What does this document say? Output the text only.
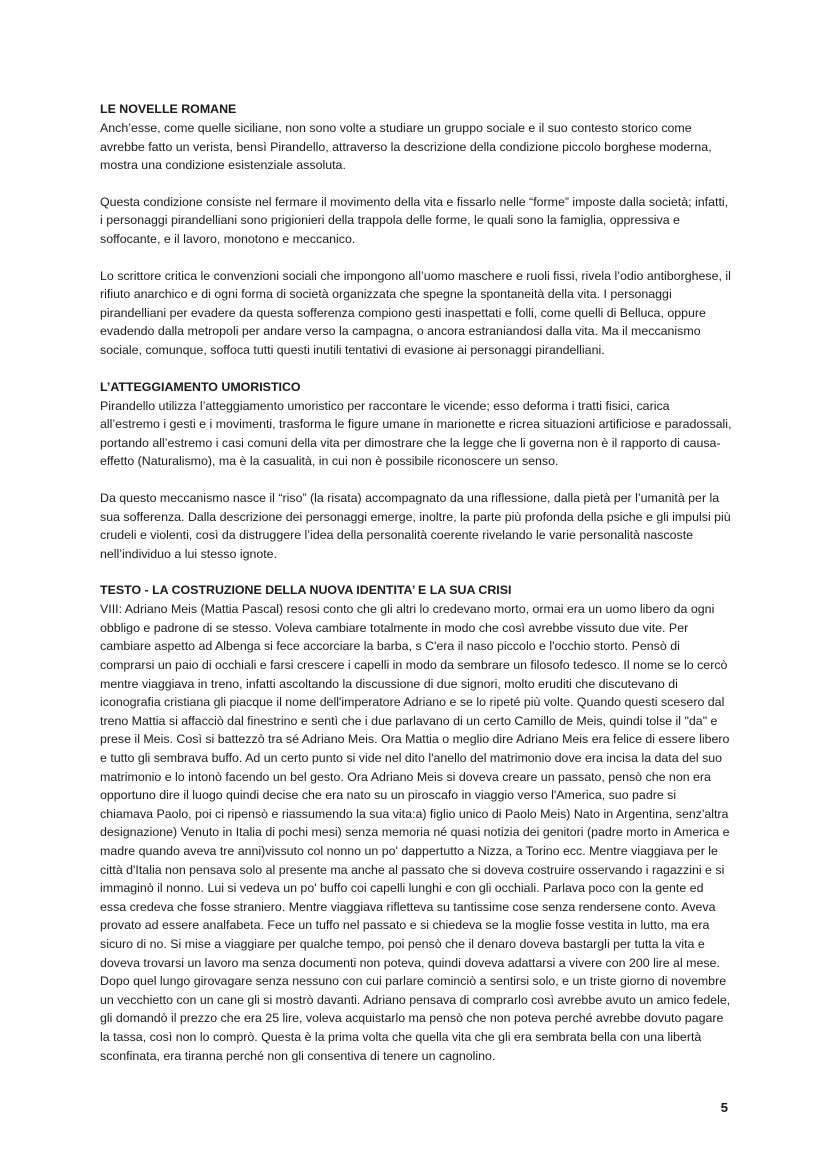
LE NOVELLE ROMANE

Anch’esse, come quelle siciliane, non sono volte a studiare un gruppo sociale e il suo contesto storico come avrebbe fatto un verista, bensì Pirandello, attraverso la descrizione della condizione piccolo borghese moderna, mostra una condizione esistenziale assoluta.

Questa condizione consiste nel fermare il movimento della vita e fissarlo nelle “forme” imposte dalla società; infatti, i personaggi pirandelliani sono prigionieri della trappola delle forme, le quali sono la famiglia, oppressiva e soffocante, e il lavoro, monotono e meccanico.

Lo scrittore critica le convenzioni sociali che impongono all’uomo maschere e ruoli fissi, rivela l’odio antiborghese, il rifiuto anarchico e di ogni forma di società organizzata che spegne la spontaneità della vita. I personaggi pirandelliani per evadere da questa sofferenza compiono gesti inaspettati e folli, come quelli di Belluca, oppure evadendo dalla metropoli per andare verso la campagna, o ancora estraniandosi dalla vita. Ma il meccanismo sociale, comunque, soffoca tutti questi inutili tentativi di evasione ai personaggi pirandelliani.

L’ATTEGGIAMENTO UMORISTICO

Pirandello utilizza l’atteggiamento umoristico per raccontare le vicende; esso deforma i tratti fisici, carica all’estremo i gesti e i movimenti, trasforma le figure umane in marionette e ricrea situazioni artificiose e paradossali, portando all’estremo i casi comuni della vita per dimostrare che la legge che li governa non è il rapporto di causa-effetto (Naturalismo), ma è la casualità, in cui non è possibile riconoscere un senso.

Da questo meccanismo nasce il “riso” (la risata) accompagnato da una riflessione, dalla pietà per l’umanità per la sua sofferenza. Dalla descrizione dei personaggi emerge, inoltre, la parte più profonda della psiche e gli impulsi più crudeli e violenti, così da distruggere l’idea della personalità coerente rivelando le varie personalità nascoste nell’individuo a lui stesso ignote.

TESTO - LA COSTRUZIONE DELLA NUOVA IDENTITA’ E LA SUA CRISI

VIII: Adriano Meis (Mattia Pascal) resosi conto che gli altri lo credevano morto, ormai era un uomo libero da ogni obbligo e padrone di se stesso. Voleva cambiare totalmente in modo che così avrebbe vissuto due vite. Per cambiare aspetto ad Albenga si fece accorciare la barba, s C'era il naso piccolo e l'occhio storto. Pensò di comprarsi un paio di occhiali e farsi crescere i capelli in modo da sembrare un filosofo tedesco. Il nome se lo cercò mentre viaggiava in treno, infatti ascoltando la discussione di due signori, molto eruditi che discutevano di iconografia cristiana gli piacque il nome dell'imperatore Adriano e se lo ripeté più volte. Quando questi scesero dal treno Mattia si affacciò dal finestrino e sentì che i due parlavano di un certo Camillo de Meis, quindi tolse il "da" e prese il Meis. Così si battezzò tra sé Adriano Meis. Ora Mattia o meglio dire Adriano Meis era felice di essere libero e tutto gli sembrava buffo. Ad un certo punto si vide nel dito l'anello del matrimonio dove era incisa la data del suo matrimonio e lo intonò facendo un bel gesto. Ora Adriano Meis si doveva creare un passato, pensò che non era opportuno dire il luogo quindi decise che era nato su un piroscafo in viaggio verso l'America, suo padre si chiamava Paolo, poi ci ripensò e riassumendo la sua vita:a) figlio unico di Paolo Meis) Nato in Argentina, senz'altra designazione) Venuto in Italia di pochi mesi) senza memoria né quasi notizia dei genitori (padre morto in America e madre quando aveva tre anni)vissuto col nonno un po' dappertutto a Nizza, a Torino ecc. Mentre viaggiava per le città d'Italia non pensava solo al presente ma anche al passato che si doveva costruire osservando i ragazzini e si immaginò il nonno. Lui si vedeva un po' buffo coi capelli lunghi e con gli occhiali. Parlava poco con la gente ed essa credeva che fosse straniero. Mentre viaggiava rifletteva su tantissime cose senza rendersene conto. Aveva provato ad essere analfabeta. Fece un tuffo nel passato e si chiedeva se la moglie fosse vestita in lutto, ma era sicuro di no. Si mise a viaggiare per qualche tempo, poi pensò che il denaro doveva bastargli per tutta la vita e doveva trovarsi un lavoro ma senza documenti non poteva, quindi doveva adattarsi a vivere con 200 lire al mese. Dopo quel lungo girovagare senza nessuno con cui parlare cominciò a sentirsi solo, e un triste giorno di novembre un vecchietto con un cane gli si mostrò davanti. Adriano pensava di comprarlo così avrebbe avuto un amico fedele, gli domandò il prezzo che era 25 lire, voleva acquistarlo ma pensò che non poteva perché avrebbe dovuto pagare la tassa, così non lo comprò. Questa è la prima volta che quella vita che gli era sembrata bella con una libertà sconfinata, era tiranna perché non gli consentiva di tenere un cagnolino.

5
